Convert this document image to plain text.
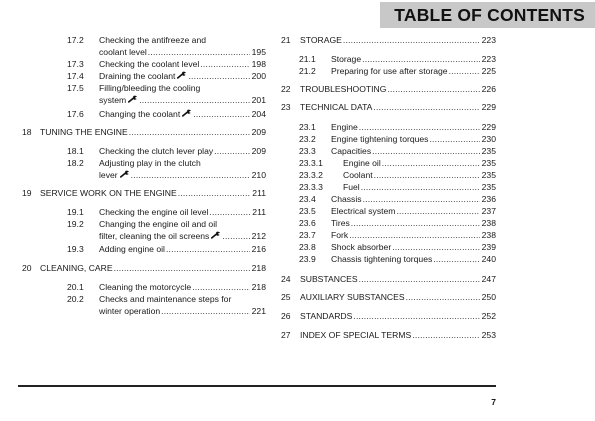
TABLE OF CONTENTS
17.2 Checking the antifreeze and
coolant level .....	195
17.3 Checking the coolant level .....	198
17.4 Draining the coolant .....	200
17.5 Filling/bleeding the cooling
system .....	201
17.6 Changing the coolant .....	204
18 TUNING THE ENGINE .....	209
18.1 Checking the clutch lever play .....	209
18.2 Adjusting play in the clutch
lever .....	210
19 SERVICE WORK ON THE ENGINE .....	211
19.1 Checking the engine oil level .....	211
19.2 Changing the engine oil and oil
filter, cleaning the oil screens .....	212
19.3 Adding engine oil .....	216
20 CLEANING, CARE .....	218
20.1 Cleaning the motorcycle .....	218
20.2 Checks and maintenance steps for
winter operation .....	221
21 STORAGE .....	223
21.1 Storage .....	223
21.2 Preparing for use after storage .....	225
22 TROUBLESHOOTING .....	226
23 TECHNICAL DATA .....	229
23.1 Engine .....	229
23.2 Engine tightening torques .....	230
23.3 Capacities .....	235
23.3.1 Engine oil .....	235
23.3.2 Coolant .....	235
23.3.3 Fuel .....	235
23.4 Chassis .....	236
23.5 Electrical system .....	237
23.6 Tires .....	238
23.7 Fork .....	238
23.8 Shock absorber .....	239
23.9 Chassis tightening torques .....	240
24 SUBSTANCES .....	247
25 AUXILIARY SUBSTANCES .....	250
26 STANDARDS .....	252
27 INDEX OF SPECIAL TERMS .....	253
7
